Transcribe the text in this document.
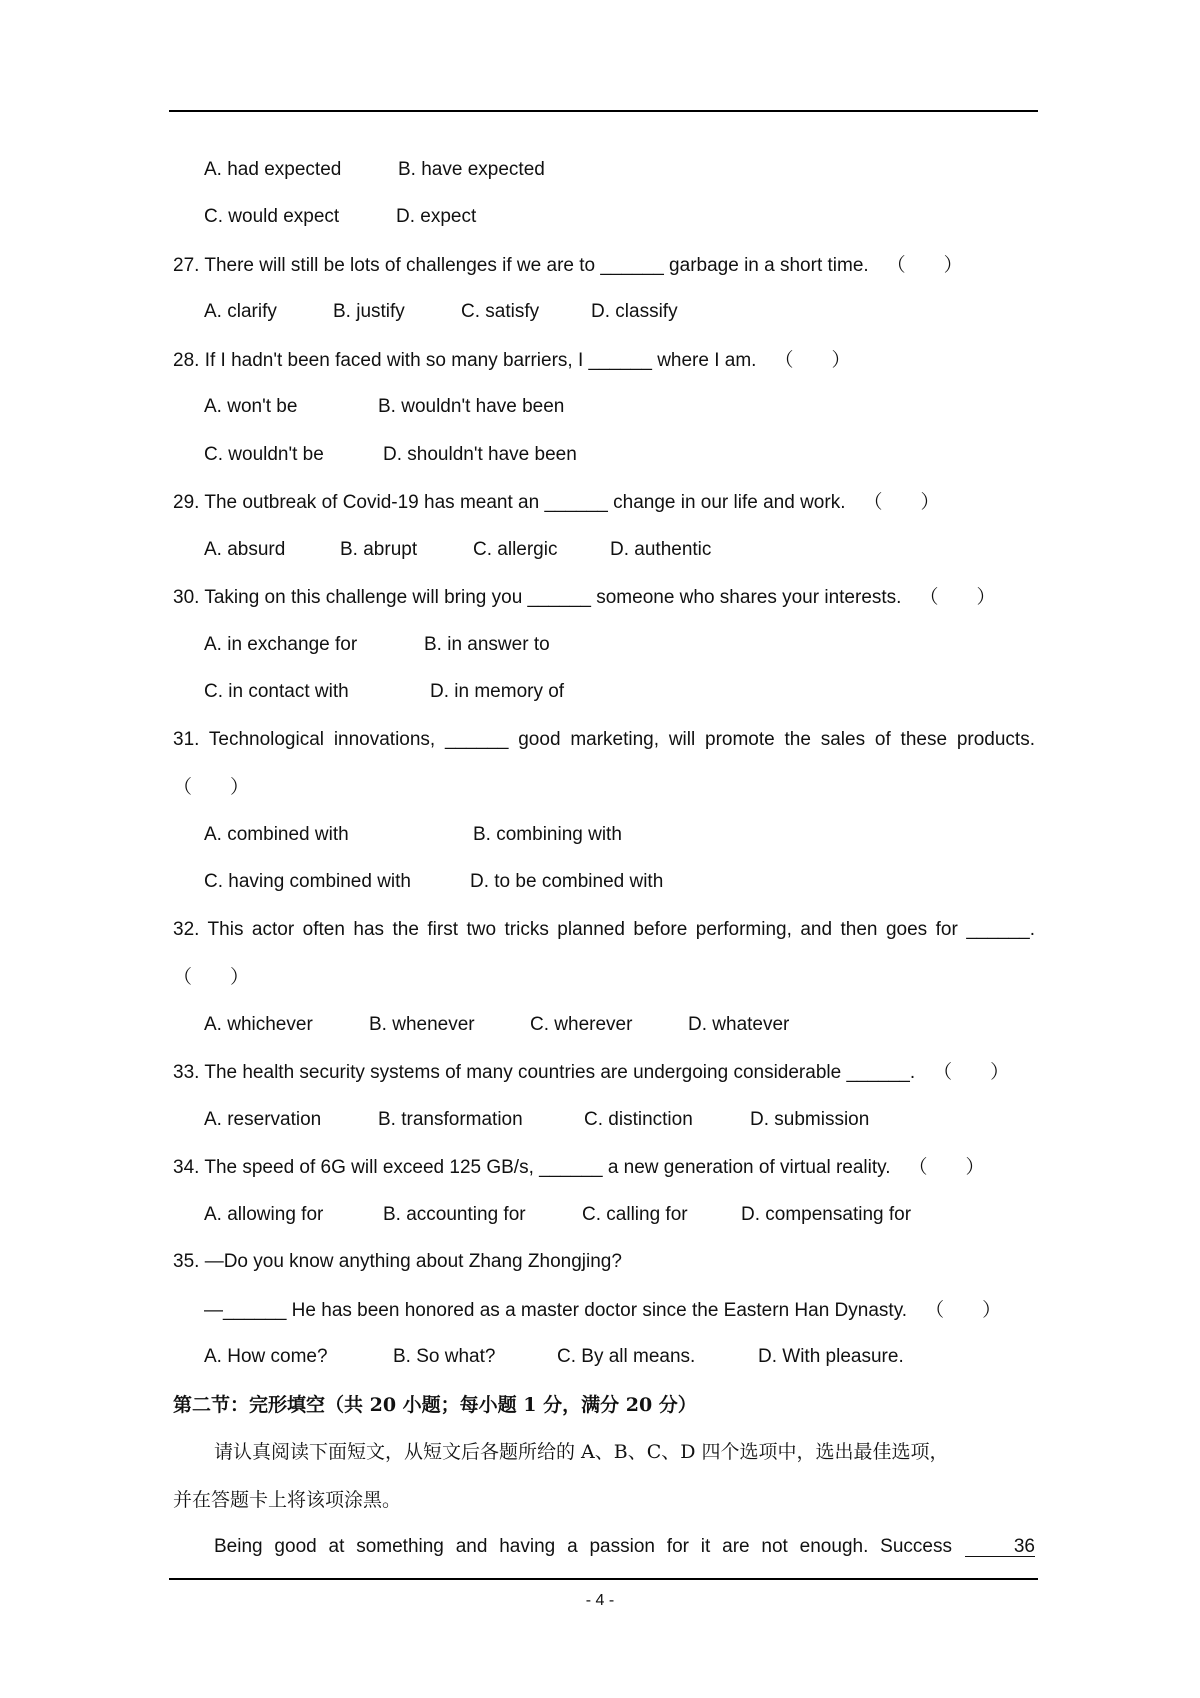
A. had expected	B. have expected
C. would expect	D. expect
27. There will still be lots of challenges if we are to ______ garbage in a short time. （　　）
A. clarify	B. justify	C. satisfy	D. classify
28. If I hadn't been faced with so many barriers, I ______ where I am. （　　）
A. won't be	B. wouldn't have been
C. wouldn't be	D. shouldn't have been
29. The outbreak of Covid-19 has meant an ______ change in our life and work. （　　）
A. absurd	B. abrupt	C. allergic	D. authentic
30. Taking on this challenge will bring you ______ someone who shares your interests. （　　）
A. in exchange for	B. in answer to
C. in contact with	D. in memory of
31. Technological innovations, ______ good marketing, will promote the sales of these products.
（　　）
A. combined with	B. combining with
C. having combined with	D. to be combined with
32. This actor often has the first two tricks planned before performing, and then goes for ______.
（　　）
A. whichever	B. whenever	C. wherever	D. whatever
33. The health security systems of many countries are undergoing considerable ______. （　　）
A. reservation	B. transformation	C. distinction	D. submission
34. The speed of 6G will exceed 125 GB/s, ______ a new generation of virtual reality. （　　）
A. allowing for	B. accounting for	C. calling for	D. compensating for
35. —Do you know anything about Zhang Zhongjing?
—______ He has been honored as a master doctor since the Eastern Han Dynasty. （　　）
A. How come?	B. So what?	C. By all means.	D. With pleasure.
第二节：完形填空（共 20 小题；每小题 1 分，满分 20 分）
请认真阅读下面短文，从短文后各题所给的 A、B、C、D 四个选项中，选出最佳选项，
并在答题卡上将该项涂黑。
Being good at something and having a passion for it are not enough. Success	36
- 4 -
